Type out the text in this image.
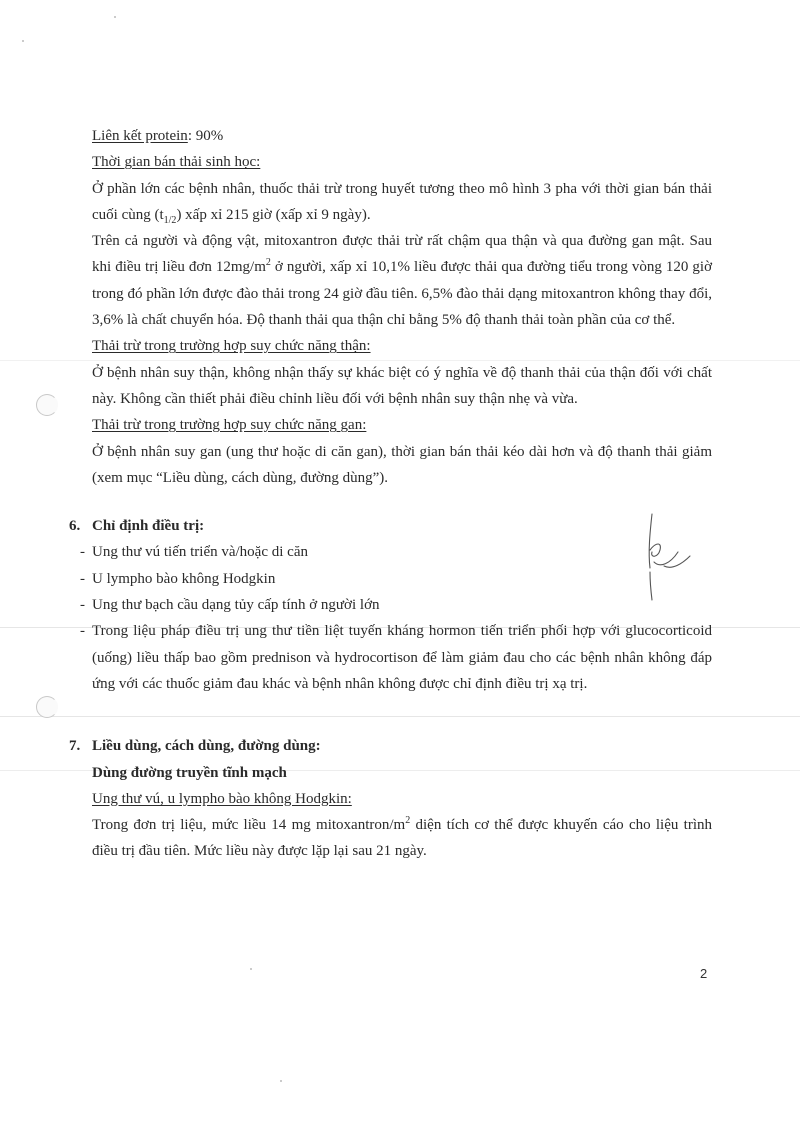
Liên kết protein: 90%

Thời gian bán thải sinh học:

Ở phần lớn các bệnh nhân, thuốc thải trừ trong huyết tương theo mô hình 3 pha với thời gian bán thải cuối cùng $(t_{1/2})$ xấp xỉ 215 giờ (xấp xỉ 9 ngày).

Trên cả người và động vật, mitoxantron được thải trừ rất chậm qua thận và qua đường gan mật. Sau khi điều trị liều đơn $12mg/m^2$ ở người, xấp xỉ 10,1% liều được thải qua đường tiểu trong vòng 120 giờ trong đó phần lớn được đào thải trong 24 giờ đầu tiên. 6,5% đào thải dạng mitoxantron không thay đổi, 3,6% là chất chuyển hóa. Độ thanh thải qua thận chỉ bằng 5% độ thanh thải toàn phần của cơ thể.

Thải trừ trong trường hợp suy chức năng thận:

Ở bệnh nhân suy thận, không nhận thấy sự khác biệt có ý nghĩa về độ thanh thải của thận đối với chất này. Không cần thiết phải điều chỉnh liều đối với bệnh nhân suy thận nhẹ và vừa.

Thải trừ trong trường hợp suy chức năng gan:

Ở bệnh nhân suy gan (ung thư hoặc di căn gan), thời gian bán thải kéo dài hơn và độ thanh thải giảm (xem mục “Liều dùng, cách dùng, đường dùng”).

6. Chỉ định điều trị:

- Ung thư vú tiến triển và/hoặc di căn

- U lympho bào không Hodgkin

- Ung thư bạch cầu dạng tủy cấp tính ở người lớn

- Trong liệu pháp điều trị ung thư tiền liệt tuyến kháng hormon tiến triển phối hợp với glucocorticoid (uống) liều thấp bao gồm prednison và hydrocortison để làm giảm đau cho các bệnh nhân không đáp ứng với các thuốc giảm đau khác và bệnh nhân không được chỉ định điều trị xạ trị.

7. Liều dùng, cách dùng, đường dùng:

Dùng đường truyền tĩnh mạch

Ung thư vú, u lympho bào không Hodgkin:

Trong đơn trị liệu, mức liều 14 mg mitoxantron/$m^2$ diện tích cơ thể được khuyến cáo cho liệu trình điều trị đầu tiên. Mức liều này được lặp lại sau 21 ngày.

2
